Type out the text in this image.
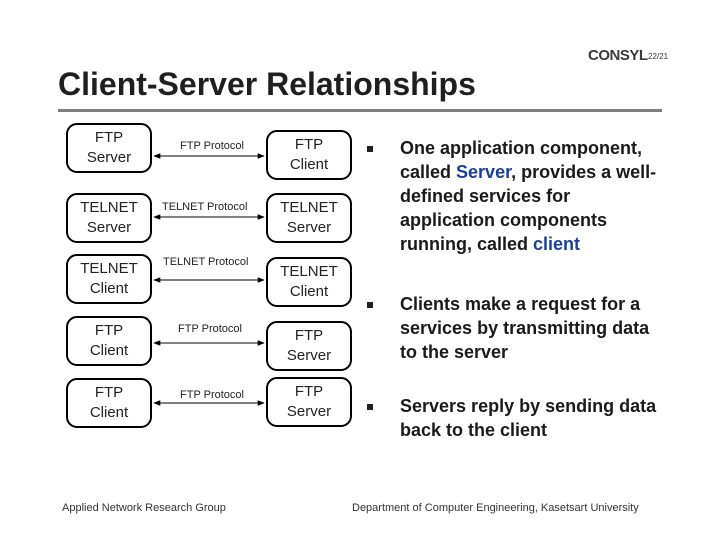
CONSYL 22/21
Client-Server Relationships
FTP
Server
FTP
Client
TELNET
Server
TELNET
Server
TELNET
Client
TELNET
Client
FTP
Client
FTP
Server
FTP
Client
FTP
Server
FTP Protocol
TELNET Protocol
TELNET Protocol
FTP Protocol
FTP Protocol
One application component, called Server, provides a well- defined services for application components running, called client
Clients make a request for a services by transmitting data to the server
Servers reply by sending data back to the client
Applied Network Research Group	Department of Computer Engineering, Kasetsart University
